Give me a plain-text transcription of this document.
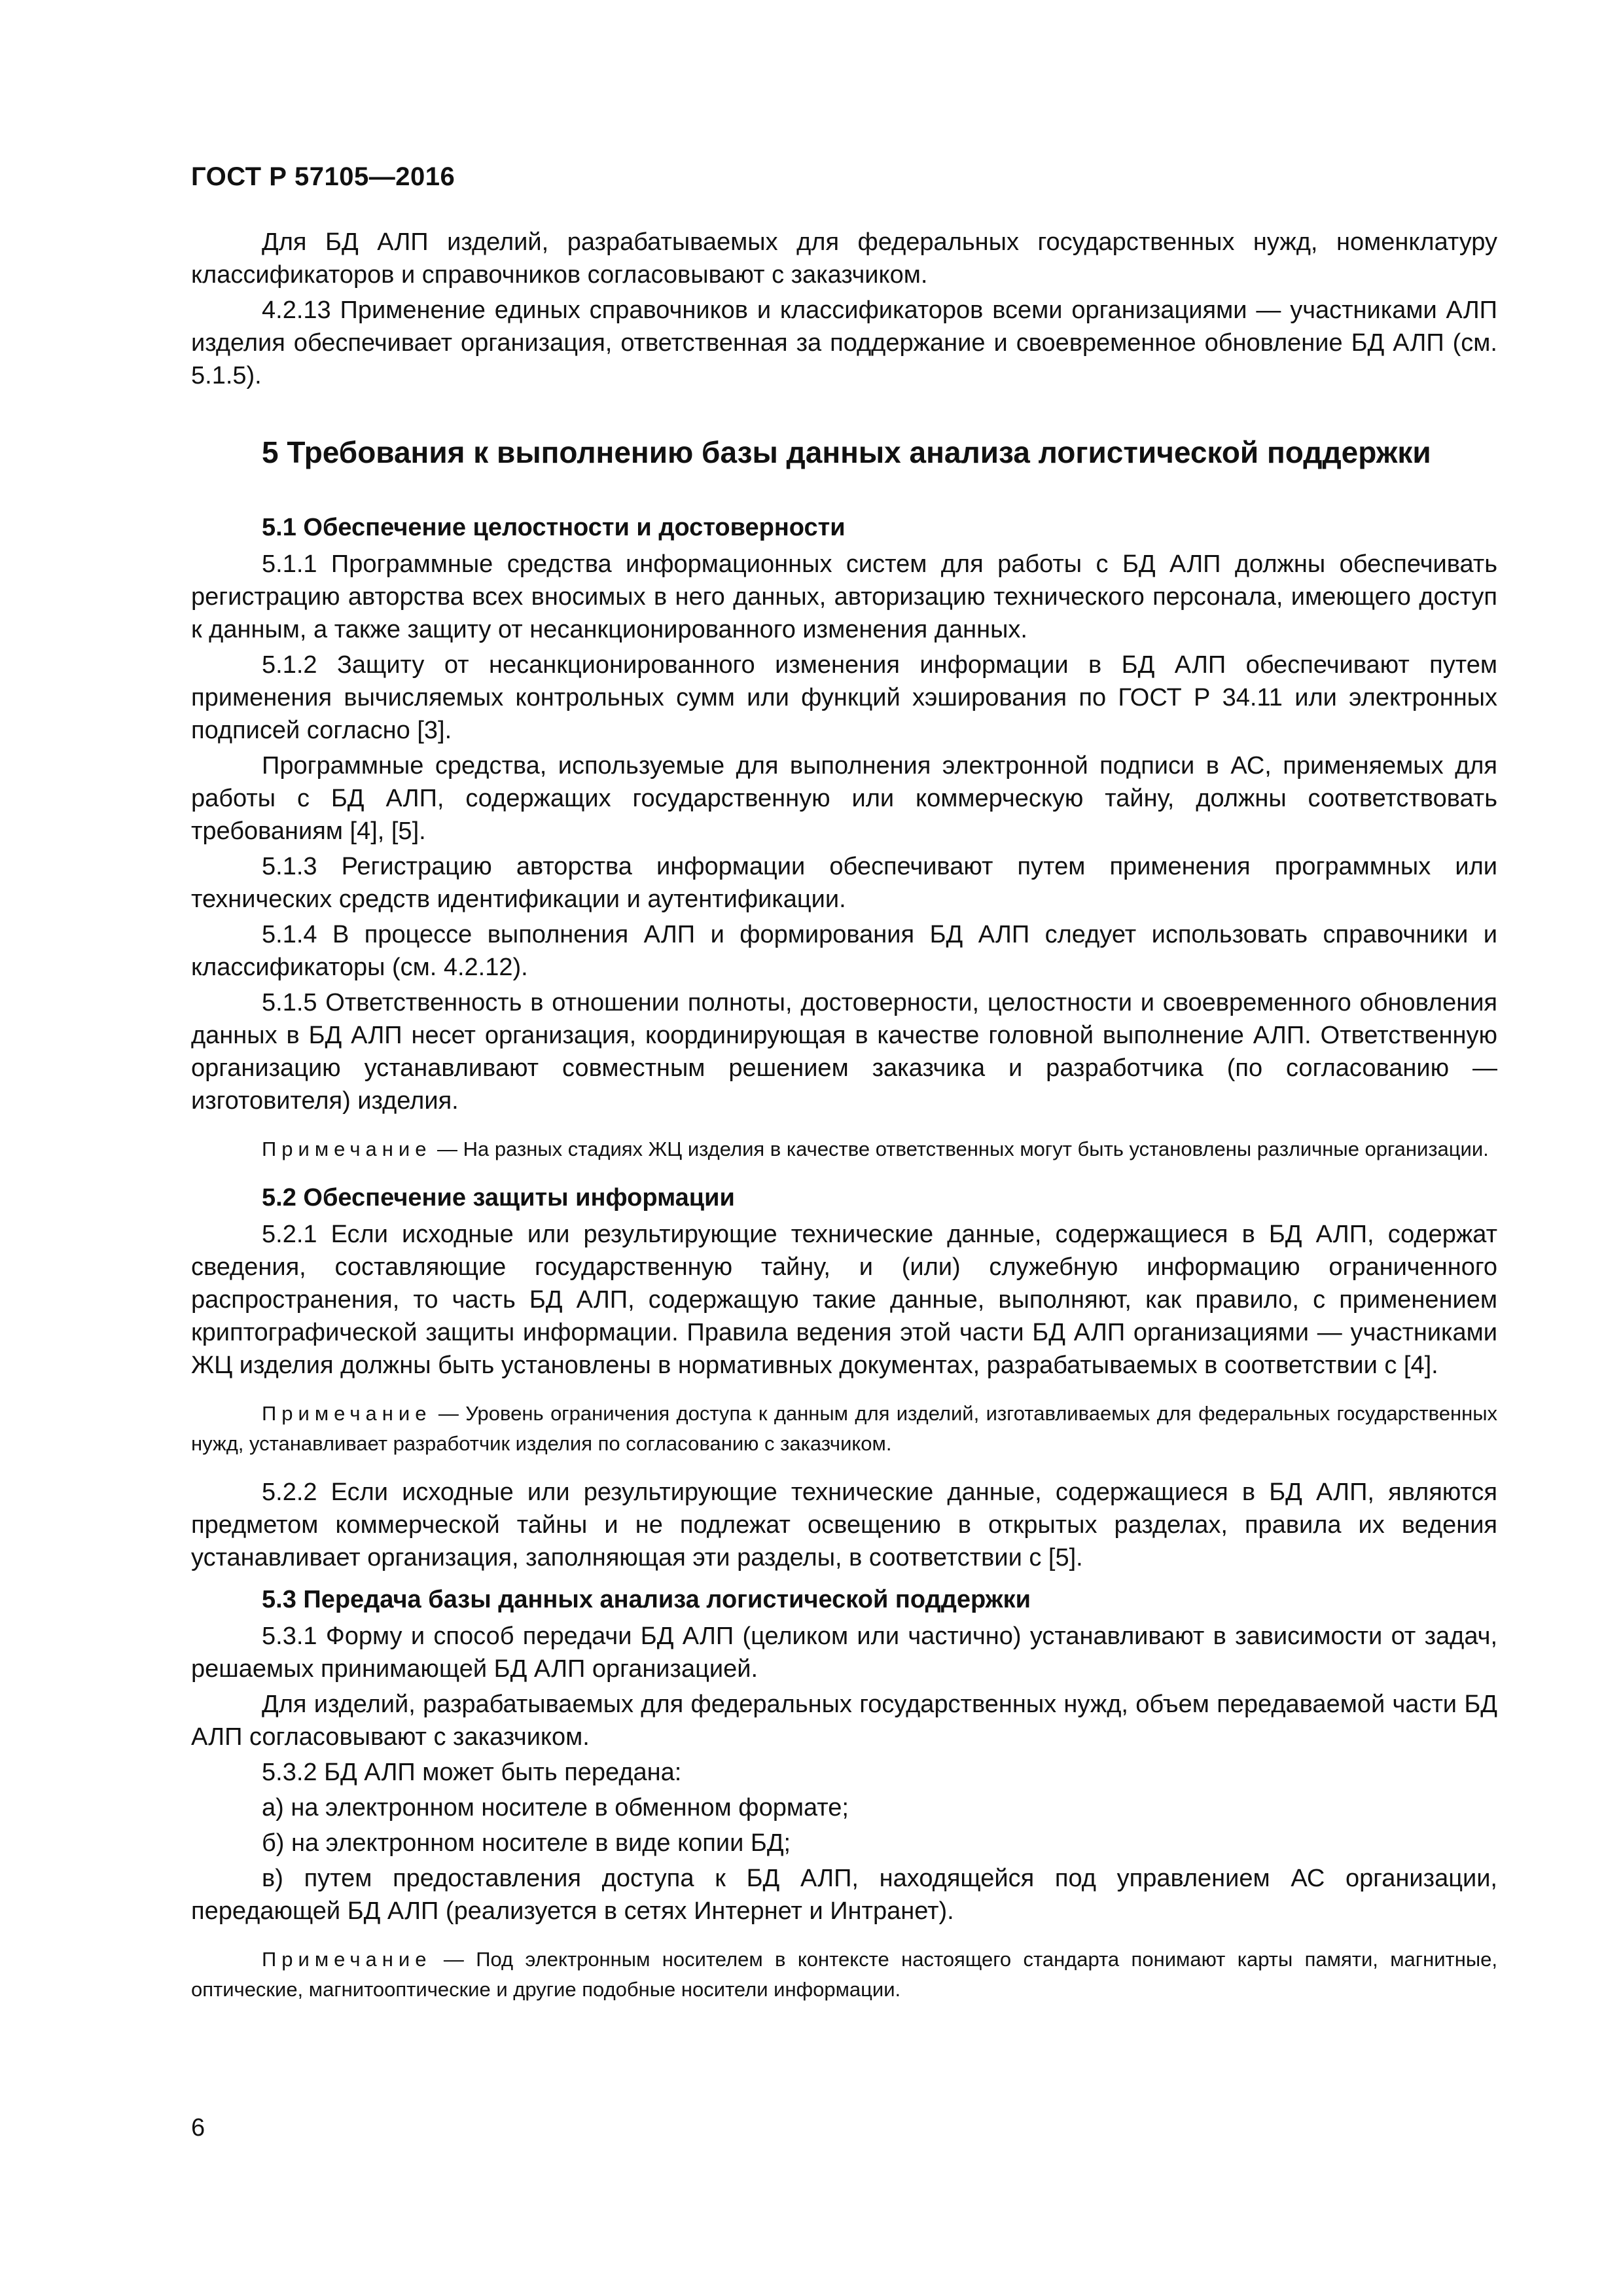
ГОСТ Р 57105—2016

Для БД АЛП изделий, разрабатываемых для федеральных государственных нужд, номенклатуру классификаторов и справочников согласовывают с заказчиком.

4.2.13 Применение единых справочников и классификаторов всеми организациями — участниками АЛП изделия обеспечивает организация, ответственная за поддержание и своевременное обновление БД АЛП (см. 5.1.5).

5 Требования к выполнению базы данных анализа логистической поддержки
5.1 Обеспечение целостности и достоверности

5.1.1 Программные средства информационных систем для работы с БД АЛП должны обеспечивать регистрацию авторства всех вносимых в него данных, авторизацию технического персонала, имеющего доступ к данным, а также защиту от несанкционированного изменения данных.

5.1.2 Защиту от несанкционированного изменения информации в БД АЛП обеспечивают путем применения вычисляемых контрольных сумм или функций хэширования по ГОСТ Р 34.11 или электронных подписей согласно [3].

Программные средства, используемые для выполнения электронной подписи в АС, применяемых для работы с БД АЛП, содержащих государственную или коммерческую тайну, должны соответствовать требованиям [4], [5].

5.1.3 Регистрацию авторства информации обеспечивают путем применения программных или технических средств идентификации и аутентификации.

5.1.4 В процессе выполнения АЛП и формирования БД АЛП следует использовать справочники и классификаторы (см. 4.2.12).

5.1.5 Ответственность в отношении полноты, достоверности, целостности и своевременного обновления данных в БД АЛП несет организация, координирующая в качестве головной выполнение АЛП. Ответственную организацию устанавливают совместным решением заказчика и разработчика (по согласованию — изготовителя) изделия.

Примечание — На разных стадиях ЖЦ изделия в качестве ответственных могут быть установлены различные организации.

5.2 Обеспечение защиты информации

5.2.1 Если исходные или результирующие технические данные, содержащиеся в БД АЛП, содержат сведения, составляющие государственную тайну, и (или) служебную информацию ограниченного распространения, то часть БД АЛП, содержащую такие данные, выполняют, как правило, с применением криптографической защиты информации. Правила ведения этой части БД АЛП организациями — участниками ЖЦ изделия должны быть установлены в нормативных документах, разрабатываемых в соответствии с [4].

Примечание — Уровень ограничения доступа к данным для изделий, изготавливаемых для федеральных государственных нужд, устанавливает разработчик изделия по согласованию с заказчиком.

5.2.2 Если исходные или результирующие технические данные, содержащиеся в БД АЛП, являются предметом коммерческой тайны и не подлежат освещению в открытых разделах, правила их ведения устанавливает организация, заполняющая эти разделы, в соответствии с [5].

5.3 Передача базы данных анализа логистической поддержки

5.3.1 Форму и способ передачи БД АЛП (целиком или частично) устанавливают в зависимости от задач, решаемых принимающей БД АЛП организацией.

Для изделий, разрабатываемых для федеральных государственных нужд, объем передаваемой части БД АЛП согласовывают с заказчиком.

5.3.2 БД АЛП может быть передана:

а) на электронном носителе в обменном формате;

б) на электронном носителе в виде копии БД;

в) путем предоставления доступа к БД АЛП, находящейся под управлением АС организации, передающей БД АЛП (реализуется в сетях Интернет и Интранет).

Примечание — Под электронным носителем в контексте настоящего стандарта понимают карты памяти, магнитные, оптические, магнитооптические и другие подобные носители информации.

6
